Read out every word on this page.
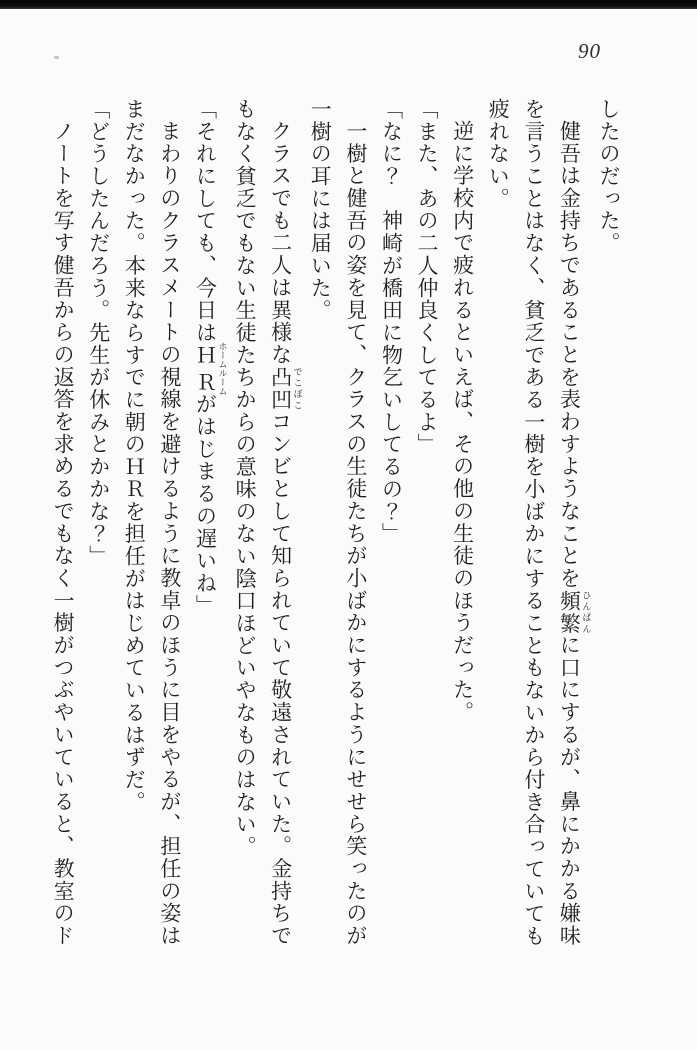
90
したのだった。
健吾は金持ちであることを表わすようなことを頻繁 ひんぱんに口にするが、鼻にかかる嫌味
を言うことはなく、貧乏である一樹を小ばかにすることもないから付き合っていても
疲れない。
逆に学校内で疲れるといえば、その他の生徒のほうだった。
「また、あの二人仲良くしてるよ」
「なに？　神崎が橋田に物乞いしてるの？」
一樹と健吾の姿を見て、クラスの生徒たちが小ばかにするようにせせら笑ったのが
一樹の耳には届いた。
クラスでも二人は異様な凸凹 でこぼこコンビとして知られていて敬遠されていた。金持ちで
もなく貧乏でもない生徒たちからの意味のない陰口ほどいやなものはない。
「それにしても、今日はＨＲ ホームルームがはじまるの遅いね」
まわりのクラスメートの視線を避けるように教卓のほうに目をやるが、担任の姿は
まだなかった。本来ならすでに朝のＨＲを担任がはじめているはずだ。
「どうしたんだろう。先生が休みとかかな？」
ノートを写す健吾からの返答を求めるでもなく一樹がつぶやいていると、教室のド
